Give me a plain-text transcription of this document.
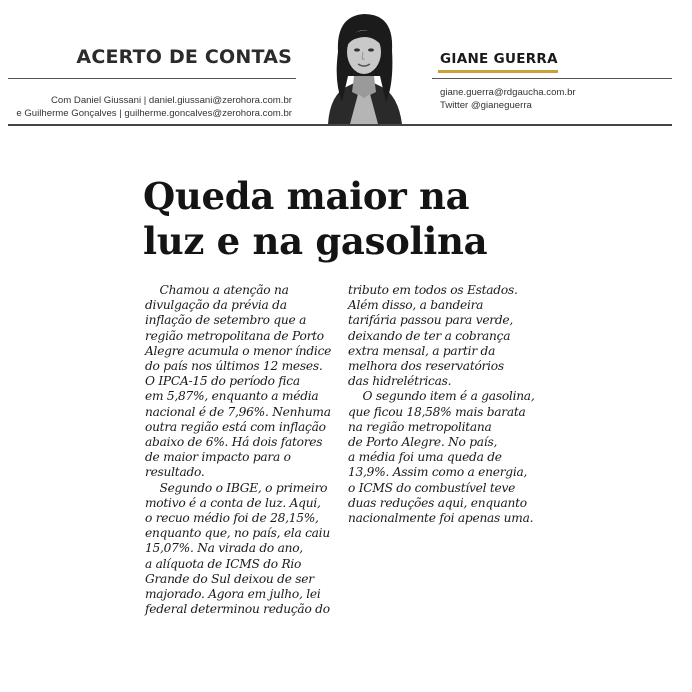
ACERTO DE CONTAS
Com Daniel Giussani | daniel.giussani@zerohora.com.br
e Guilherme Gonçalves | guilherme.goncalves@zerohora.com.br
GIANE GUERRA
giane.guerra@rdgaucha.com.br
Twitter @gianeguerra
Queda maior na
luz e na gasolina
Chamou a atenção na
divulgação da prévia da
inflação de setembro que a
região metropolitana de Porto
Alegre acumula o menor índice
do país nos últimos 12 meses.
O IPCA-15 do período fica
em 5,87%, enquanto a média
nacional é de 7,96%. Nenhuma
outra região está com inflação
abaixo de 6%. Há dois fatores
de maior impacto para o
resultado.
Segundo o IBGE, o primeiro
motivo é a conta de luz. Aqui,
o recuo médio foi de 28,15%,
enquanto que, no país, ela caiu
15,07%. Na virada do ano,
a alíquota de ICMS do Rio
Grande do Sul deixou de ser
majorado. Agora em julho, lei
federal determinou redução do
tributo em todos os Estados.
Além disso, a bandeira
tarifária passou para verde,
deixando de ter a cobrança
extra mensal, a partir da
melhora dos reservatórios
das hidrelétricas.
O segundo item é a gasolina,
que ficou 18,58% mais barata
na região metropolitana
de Porto Alegre. No país,
a média foi uma queda de
13,9%. Assim como a energia,
o ICMS do combustível teve
duas reduções aqui, enquanto
nacionalmente foi apenas uma.
